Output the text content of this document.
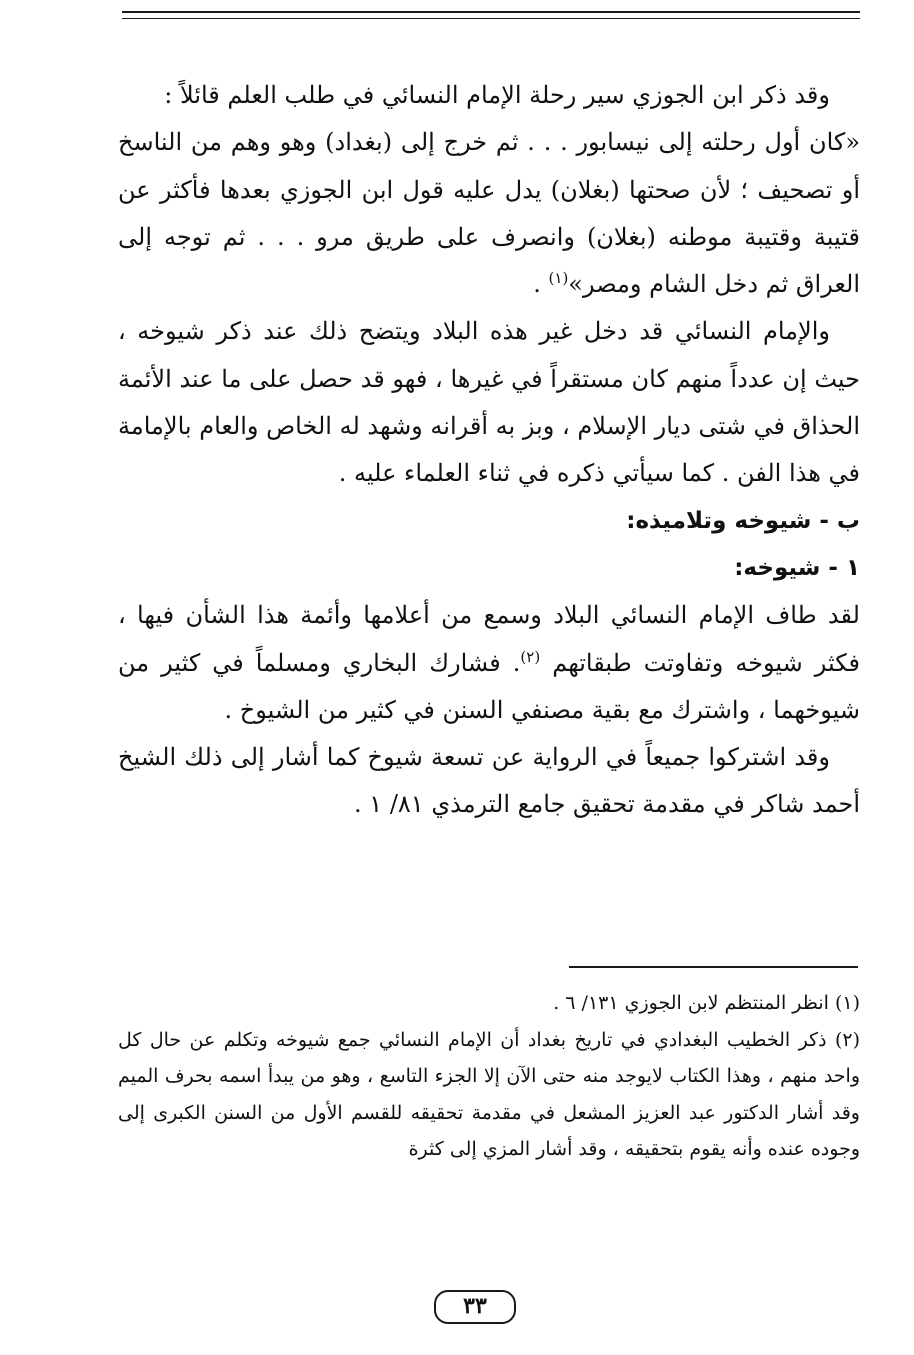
وقد ذكر ابن الجوزي سير رحلة الإمام النسائي في طلب العلم قائلاً :

«كان أول رحلته إلى نيسابور . . . ثم خرج إلى (بغداد) وهو وهم من الناسخ أو تصحيف ؛ لأن صحتها (بغلان) يدل عليه قول ابن الجوزي بعدها فأكثر عن قتيبة وقتيبة موطنه (بغلان) وانصرف على طريق مرو . . . ثم توجه إلى العراق ثم دخل الشام ومصر»$^{(١)}$ .

والإمام النسائي قد دخل غير هذه البلاد ويتضح ذلك عند ذكر شيوخه ، حيث إن عدداً منهم كان مستقراً في غيرها ، فهو قد حصل على ما عند الأئمة الحذاق في شتى ديار الإسلام ، وبز به أقرانه وشهد له الخاص والعام بالإمامة في هذا الفن . كما سيأتي ذكره في ثناء العلماء عليه .

ب - شيوخه وتلاميذه:

١ - شيوخه:

لقد طاف الإمام النسائي البلاد وسمع من أعلامها وأئمة هذا الشأن فيها ، فكثر شيوخه وتفاوتت طبقاتهم $^{(٢)}$. فشارك البخاري ومسلماً في كثير من شيوخهما ، واشترك مع بقية مصنفي السنن في كثير من الشيوخ .

وقد اشتركوا جميعاً في الرواية عن تسعة شيوخ كما أشار إلى ذلك الشيخ أحمد شاكر في مقدمة تحقيق جامع الترمذي ٨١/ ١ .

(١) انظر المنتظم لابن الجوزي ١٣١/ ٦ .

(٢) ذكر الخطيب البغدادي في تاريخ بغداد أن الإمام النسائي جمع شيوخه وتكلم عن حال كل واحد منهم ، وهذا الكتاب لايوجد منه حتى الآن إلا الجزء التاسع ، وهو من يبدأ اسمه بحرف الميم وقد أشار الدكتور عبد العزيز المشعل في مقدمة تحقيقه للقسم الأول من السنن الكبرى إلى وجوده عنده وأنه يقوم بتحقيقه ، وقد أشار المزي إلى كثرة

٣٣
